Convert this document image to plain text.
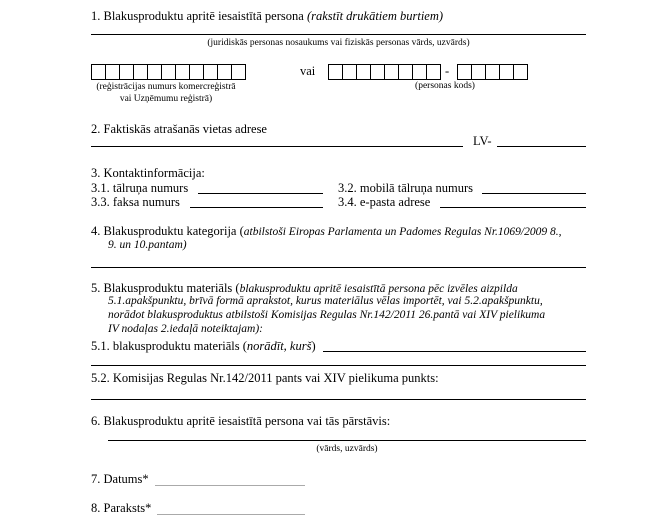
1. Blakusproduktu apritē iesaistītā persona (rakstīt drukātiem burtiem)
(juridiskās personas nosaukums vai fiziskās personas vārds, uzvārds)
vai	-
(reģistrācijas numurs komercreģistrā
vai Uzņēmumu reģistrā)
(personas kods)
2. Faktiskās atrašanās vietas adrese
LV-
3. Kontaktinformācija:
3.1. tālruņa numurs	3.2. mobilā tālruņa numurs
3.3. faksa numurs	3.4. e-pasta adrese
4. Blakusproduktu kategorija (atbilstoši Eiropas Parlamenta un Padomes Regulas Nr.1069/2009 8.,
9. un 10.pantam)
5. Blakusproduktu materiāls (blakusproduktu apritē iesaistītā persona pēc izvēles aizpilda
5.1.apakšpunktu, brīvā formā aprakstot, kurus materiālus vēlas importēt, vai 5.2.apakšpunktu,
norādot blakusproduktus atbilstoši Komisijas Regulas Nr.142/2011 26.pantā vai XIV pielikuma
IV nodaļas 2.iedaļā noteiktajam):
5.1. blakusproduktu materiāls (norādīt, kurš)
5.2. Komisijas Regulas Nr.142/2011 pants vai XIV pielikuma punkts:
6. Blakusproduktu apritē iesaistītā persona vai tās pārstāvis:
(vārds, uzvārds)
7. Datums*
8. Paraksts*
